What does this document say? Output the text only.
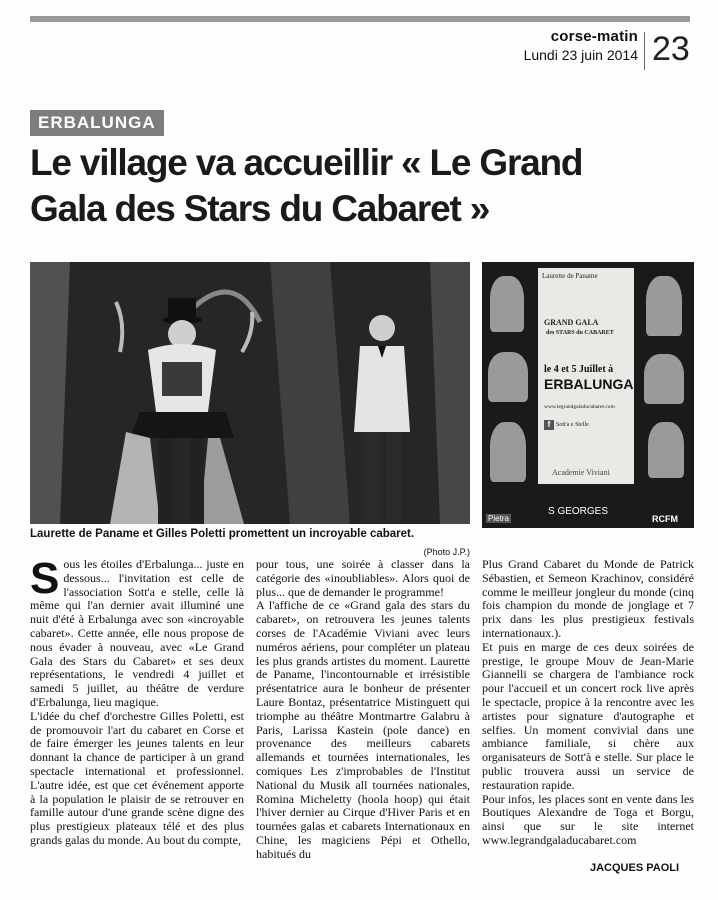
corse-matin
Lundi 23 juin 2014 23
ERBALUNGA
Le village va accueillir « Le Grand
Gala des Stars du Cabaret »
Laurette de Paname et Gilles Poletti promettent un incroyable cabaret.
(Photo J.P.)
Laurette de Paname
GRAND GALA
des STARS du CABARET
le 4 et 5 Juillet à
ERBALUNGA
www.legrandgaladucabaret.com
f Sott'a e Stelle
Academie Viviani
Pietra
S GEORGES
RCFM

Sous les étoiles d'Erbalunga... juste en dessous... l'invitation est celle de l'association Sott'a e stelle, celle là même qui l'an dernier avait illuminé une nuit d'été à Erbalunga avec son «incroyable cabaret». Cette année, elle nous propose de nous évader à nouveau, avec «Le Grand Gala des Stars du Cabaret» et ses deux représentations, le vendredi 4 juillet et samedi 5 juillet, au théâtre de verdure d'Erbalunga, lieu magique.

L'idée du chef d'orchestre Gilles Poletti, est de promouvoir l'art du cabaret en Corse et de faire émerger les jeunes talents en leur donnant la chance de participer à un grand spectacle international et professionnel. L'autre idée, est que cet événement apporte à la population le plaisir de se retrouver en famille autour d'une grande scène digne des plus prestigieux plateaux télé et des plus grands galas du monde. Au bout du compte,

pour tous, une soirée à classer dans la catégorie des «inoubliables». Alors quoi de plus... que de demander le programme!

A l'affiche de ce «Grand gala des stars du cabaret», on retrouvera les jeunes talents corses de l'Académie Viviani avec leurs numéros aériens, pour compléter un plateau les plus grands artistes du moment. Laurette de Paname, l'incontournable et irrésistible présentatrice aura le bonheur de présenter Laure Bontaz, présentatrice Mistinguett qui triomphe au théâtre Montmartre Galabru à Paris, Larissa Kastein (pole dance) en provenance des meilleurs cabarets allemands et tournées internationales, les comiques Les z'improbables de l'Institut National du Musik all tournées nationales, Romina Micheletty (hoola hoop) qui était l'hiver dernier au Cirque d'Hiver Paris et en tournées galas et cabarets Internationaux en Chine, les magiciens Pépi et Othello, habitués du

Plus Grand Cabaret du Monde de Patrick Sébastien, et Semeon Krachinov, considéré comme le meilleur jongleur du monde (cinq fois champion du monde de jonglage et 7 prix dans les plus prestigieux festivals internationaux.).

Et puis en marge de ces deux soirées de prestige, le groupe Mouv de Jean-Marie Giannelli se chargera de l'ambiance rock pour l'accueil et un concert rock live après le spectacle, propice à la rencontre avec les artistes pour signature d'autographe et selfies. Un moment convivial dans une ambiance familiale, si chère aux organisateurs de Sott'à e stelle. Sur place le public trouvera aussi un service de restauration rapide.

Pour infos, les places sont en vente dans les Boutiques Alexandre de Toga et Borgu, ainsi que sur le site internet www.legrandgaladucabaret.com

JACQUES PAOLI
